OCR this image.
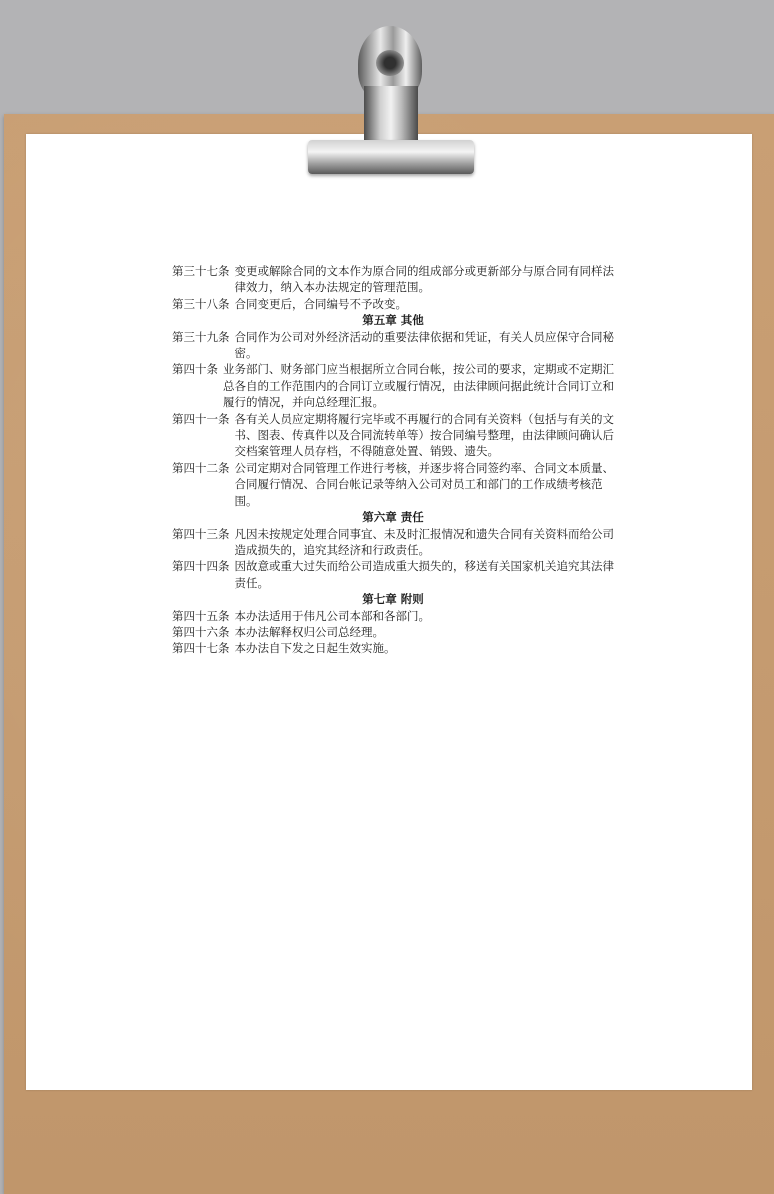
第三十七条 变更或解除合同的文本作为原合同的组成部分或更新部分与原合同有同样法律效力，纳入本办法规定的管理范围。
第三十八条 合同变更后，合同编号不予改变。
第五章 其他
第三十九条 合同作为公司对外经济活动的重要法律依据和凭证，有关人员应保守合同秘密。
第四十条 业务部门、财务部门应当根据所立合同台帐，按公司的要求，定期或不定期汇总各自的工作范围内的合同订立或履行情况，由法律顾问据此统计合同订立和履行的情况，并向总经理汇报。
第四十一条 各有关人员应定期将履行完毕或不再履行的合同有关资料（包括与有关的文书、图表、传真件以及合同流转单等）按合同编号整理，由法律顾问确认后交档案管理人员存档，不得随意处置、销毁、遗失。
第四十二条 公司定期对合同管理工作进行考核，并逐步将合同签约率、合同文本质量、合同履行情况、合同台帐记录等纳入公司对员工和部门的工作成绩考核范围。
第六章 责任
第四十三条 凡因未按规定处理合同事宜、未及时汇报情况和遗失合同有关资料而给公司造成损失的，追究其经济和行政责任。
第四十四条 因故意或重大过失而给公司造成重大损失的，移送有关国家机关追究其法律责任。
第七章 附则
第四十五条 本办法适用于伟凡公司本部和各部门。
第四十六条 本办法解释权归公司总经理。
第四十七条 本办法自下发之日起生效实施。
